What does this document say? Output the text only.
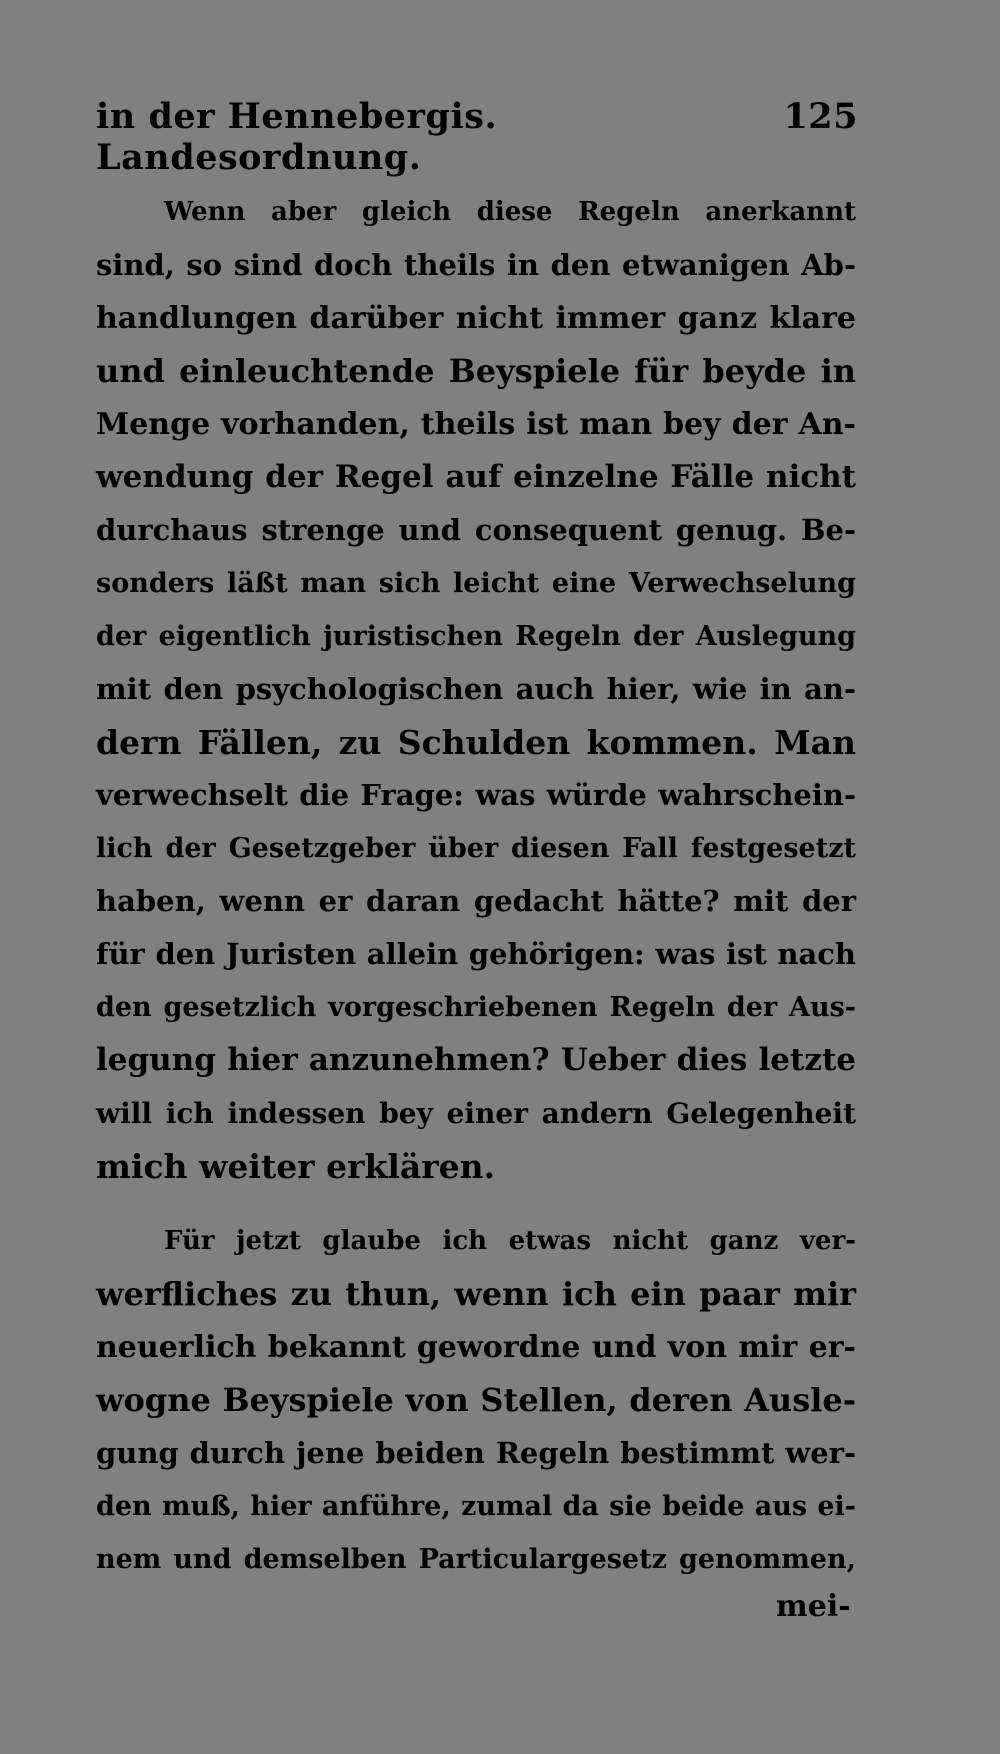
in der Hennebergis. Landesordnung.
125
Wenn aber gleich diese Regeln anerkannt
sind, so sind doch theils in den etwanigen Ab-
handlungen darüber nicht immer ganz klare
und einleuchtende Beyspiele für beyde in
Menge vorhanden, theils ist man bey der An-
wendung der Regel auf einzelne Fälle nicht
durchaus strenge und consequent genug. Be-
sonders läßt man sich leicht eine Verwechselung
der eigentlich juristischen Regeln der Auslegung
mit den psychologischen auch hier, wie in an-
dern Fällen, zu Schulden kommen. Man
verwechselt die Frage: was würde wahrschein-
lich der Gesetzgeber über diesen Fall festgesetzt
haben, wenn er daran gedacht hätte? mit der
für den Juristen allein gehörigen: was ist nach
den gesetzlich vorgeschriebenen Regeln der Aus-
legung hier anzunehmen? Ueber dies letzte
will ich indessen bey einer andern Gelegenheit
mich weiter erklären.
Für jetzt glaube ich etwas nicht ganz ver-
werfliches zu thun, wenn ich ein paar mir
neuerlich bekannt gewordne und von mir er-
wogne Beyspiele von Stellen, deren Ausle-
gung durch jene beiden Regeln bestimmt wer-
den muß, hier anführe, zumal da sie beide aus ei-
nem und demselben Particulargesetz genommen,
mei-
